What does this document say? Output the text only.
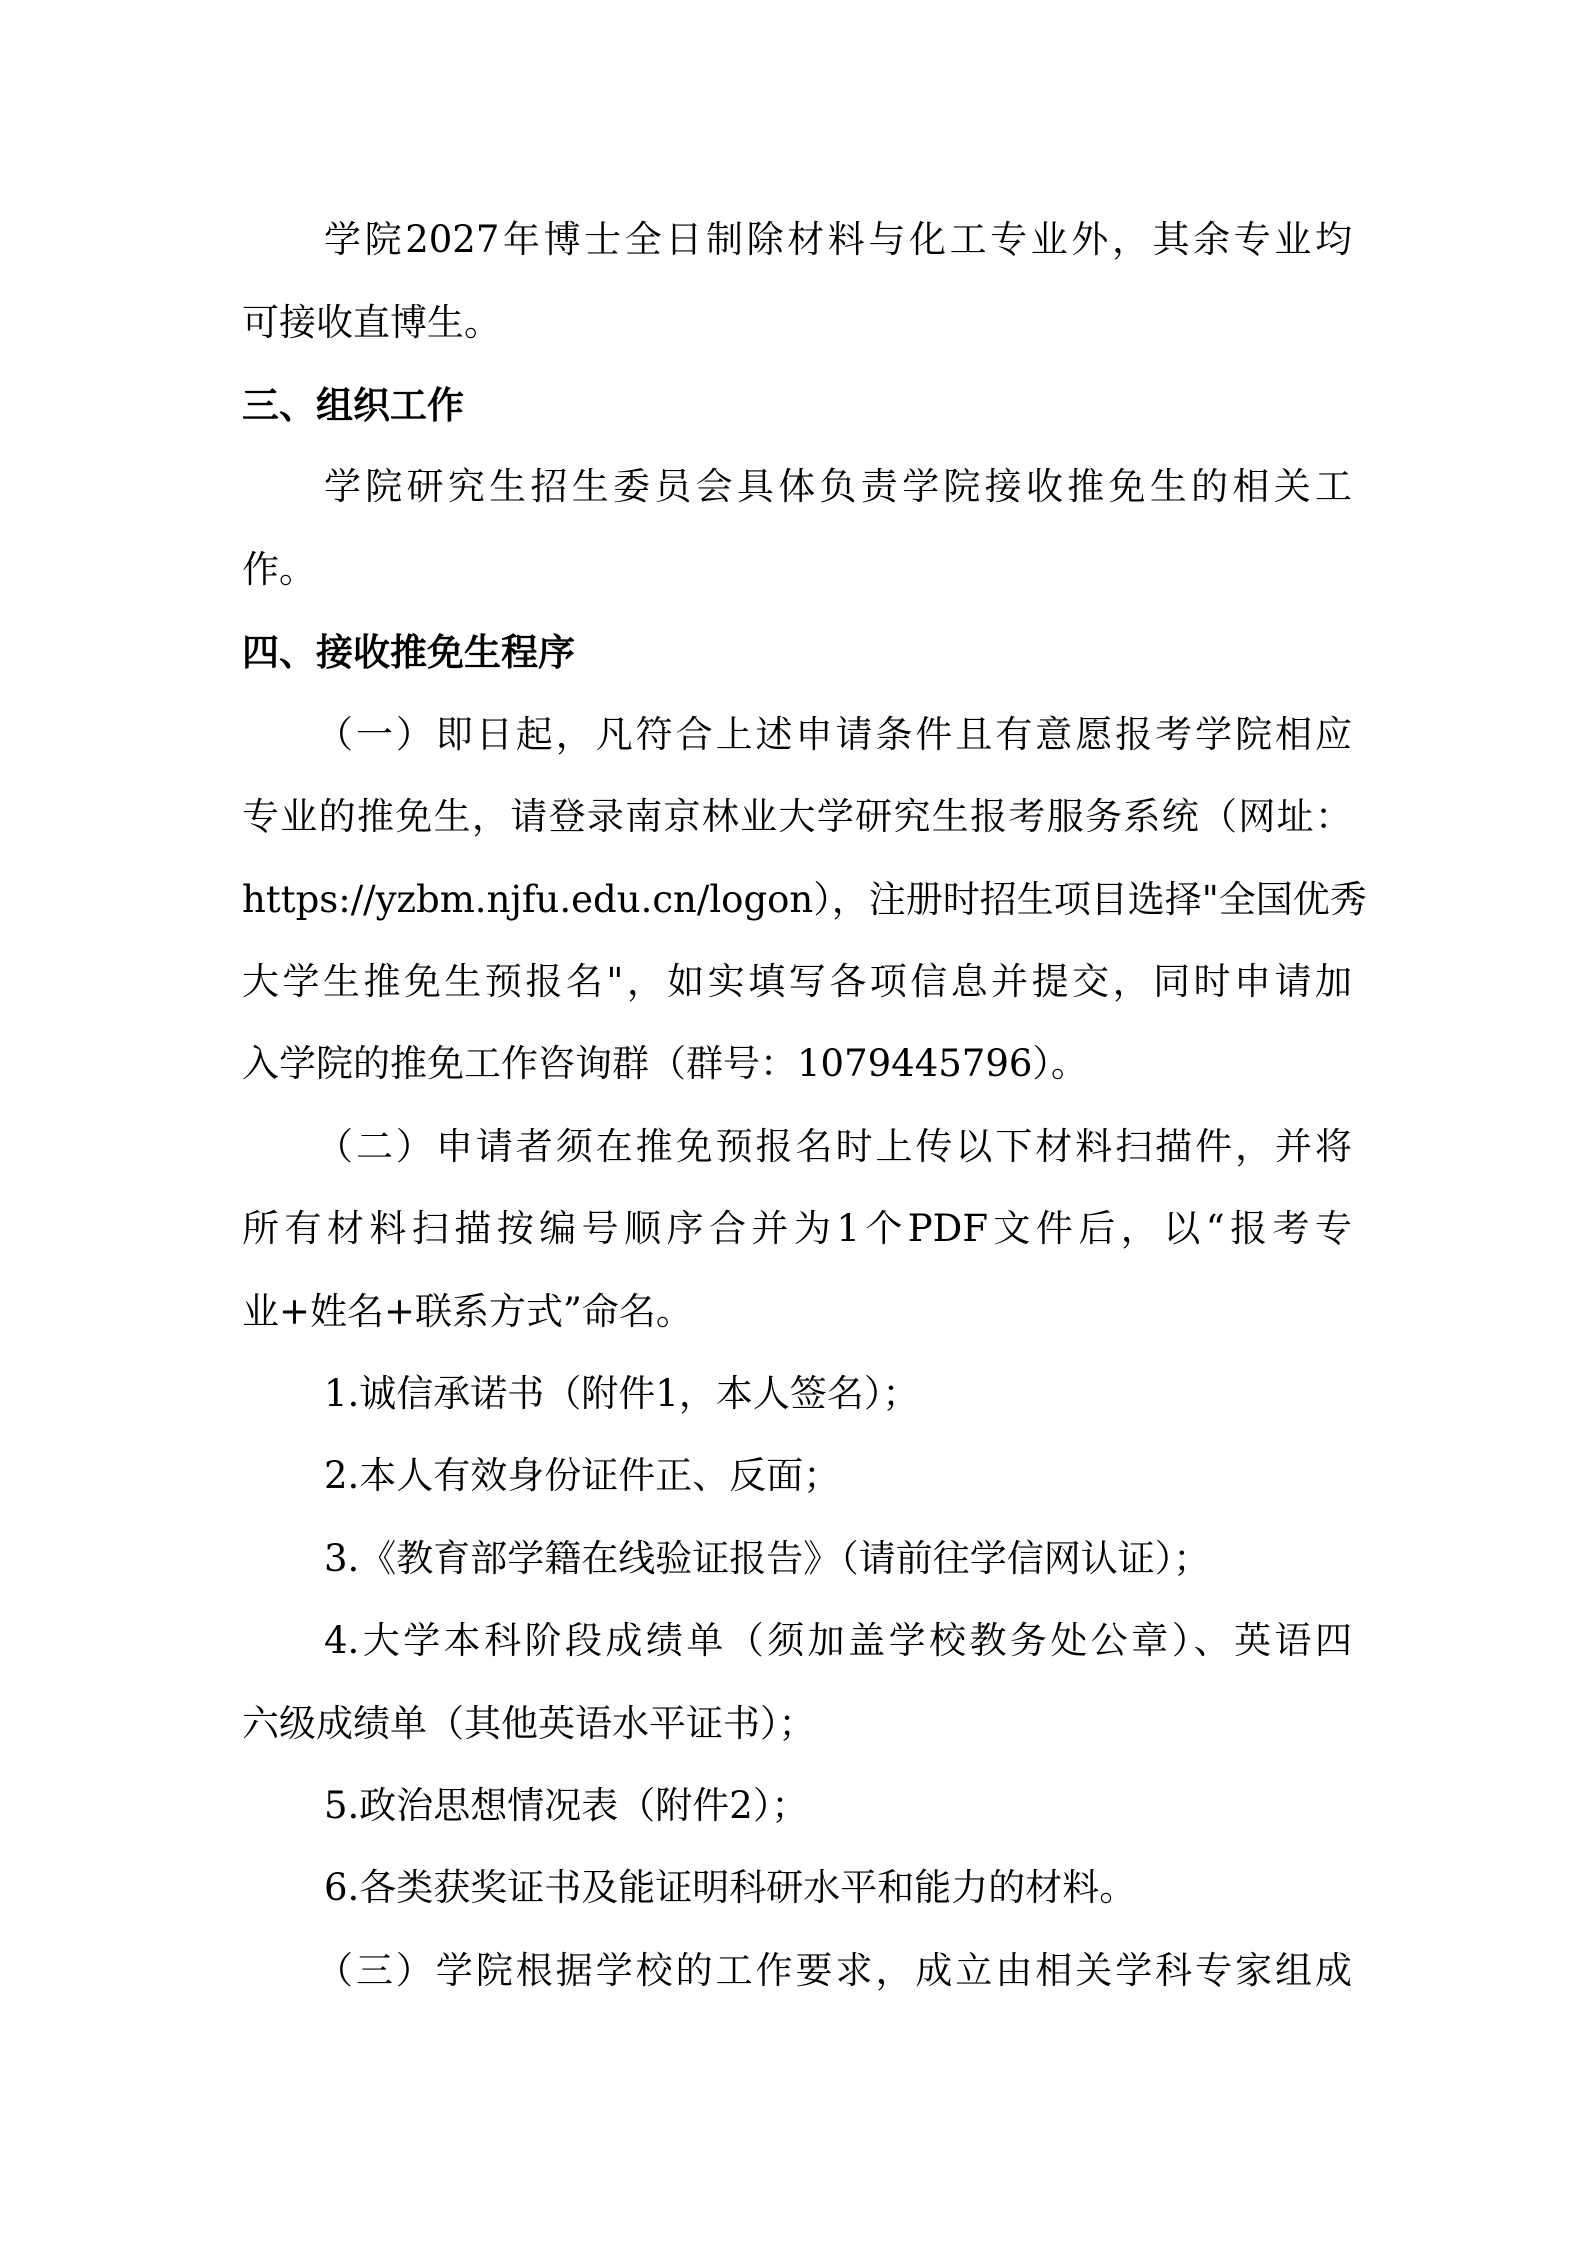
学院2027年博士全日制除材料与化工专业外，其余专业均
可接收直博生。
三、组织工作
学院研究生招生委员会具体负责学院接收推免生的相关工
作。
四、接收推免生程序
（一）即日起，凡符合上述申请条件且有意愿报考学院相应
专业的推免生，请登录南京林业大学研究生报考服务系统（网址：
https://yzbm.njfu.edu.cn/logon），注册时招生项目选择"全国优秀
大学生推免生预报名"，如实填写各项信息并提交，同时申请加
入学院的推免工作咨询群（群号：1079445796）。
（二）申请者须在推免预报名时上传以下材料扫描件，并将
所有材料扫描按编号顺序合并为1个PDF文件后，以“报考专
业+姓名+联系方式”命名。
1.诚信承诺书（附件1，本人签名）；
2.本人有效身份证件正、反面；
3.《教育部学籍在线验证报告》（请前往学信网认证）；
4.大学本科阶段成绩单（须加盖学校教务处公章）、英语四
六级成绩单（其他英语水平证书）；
5.政治思想情况表（附件2）；
6.各类获奖证书及能证明科研水平和能力的材料。
（三）学院根据学校的工作要求，成立由相关学科专家组成
